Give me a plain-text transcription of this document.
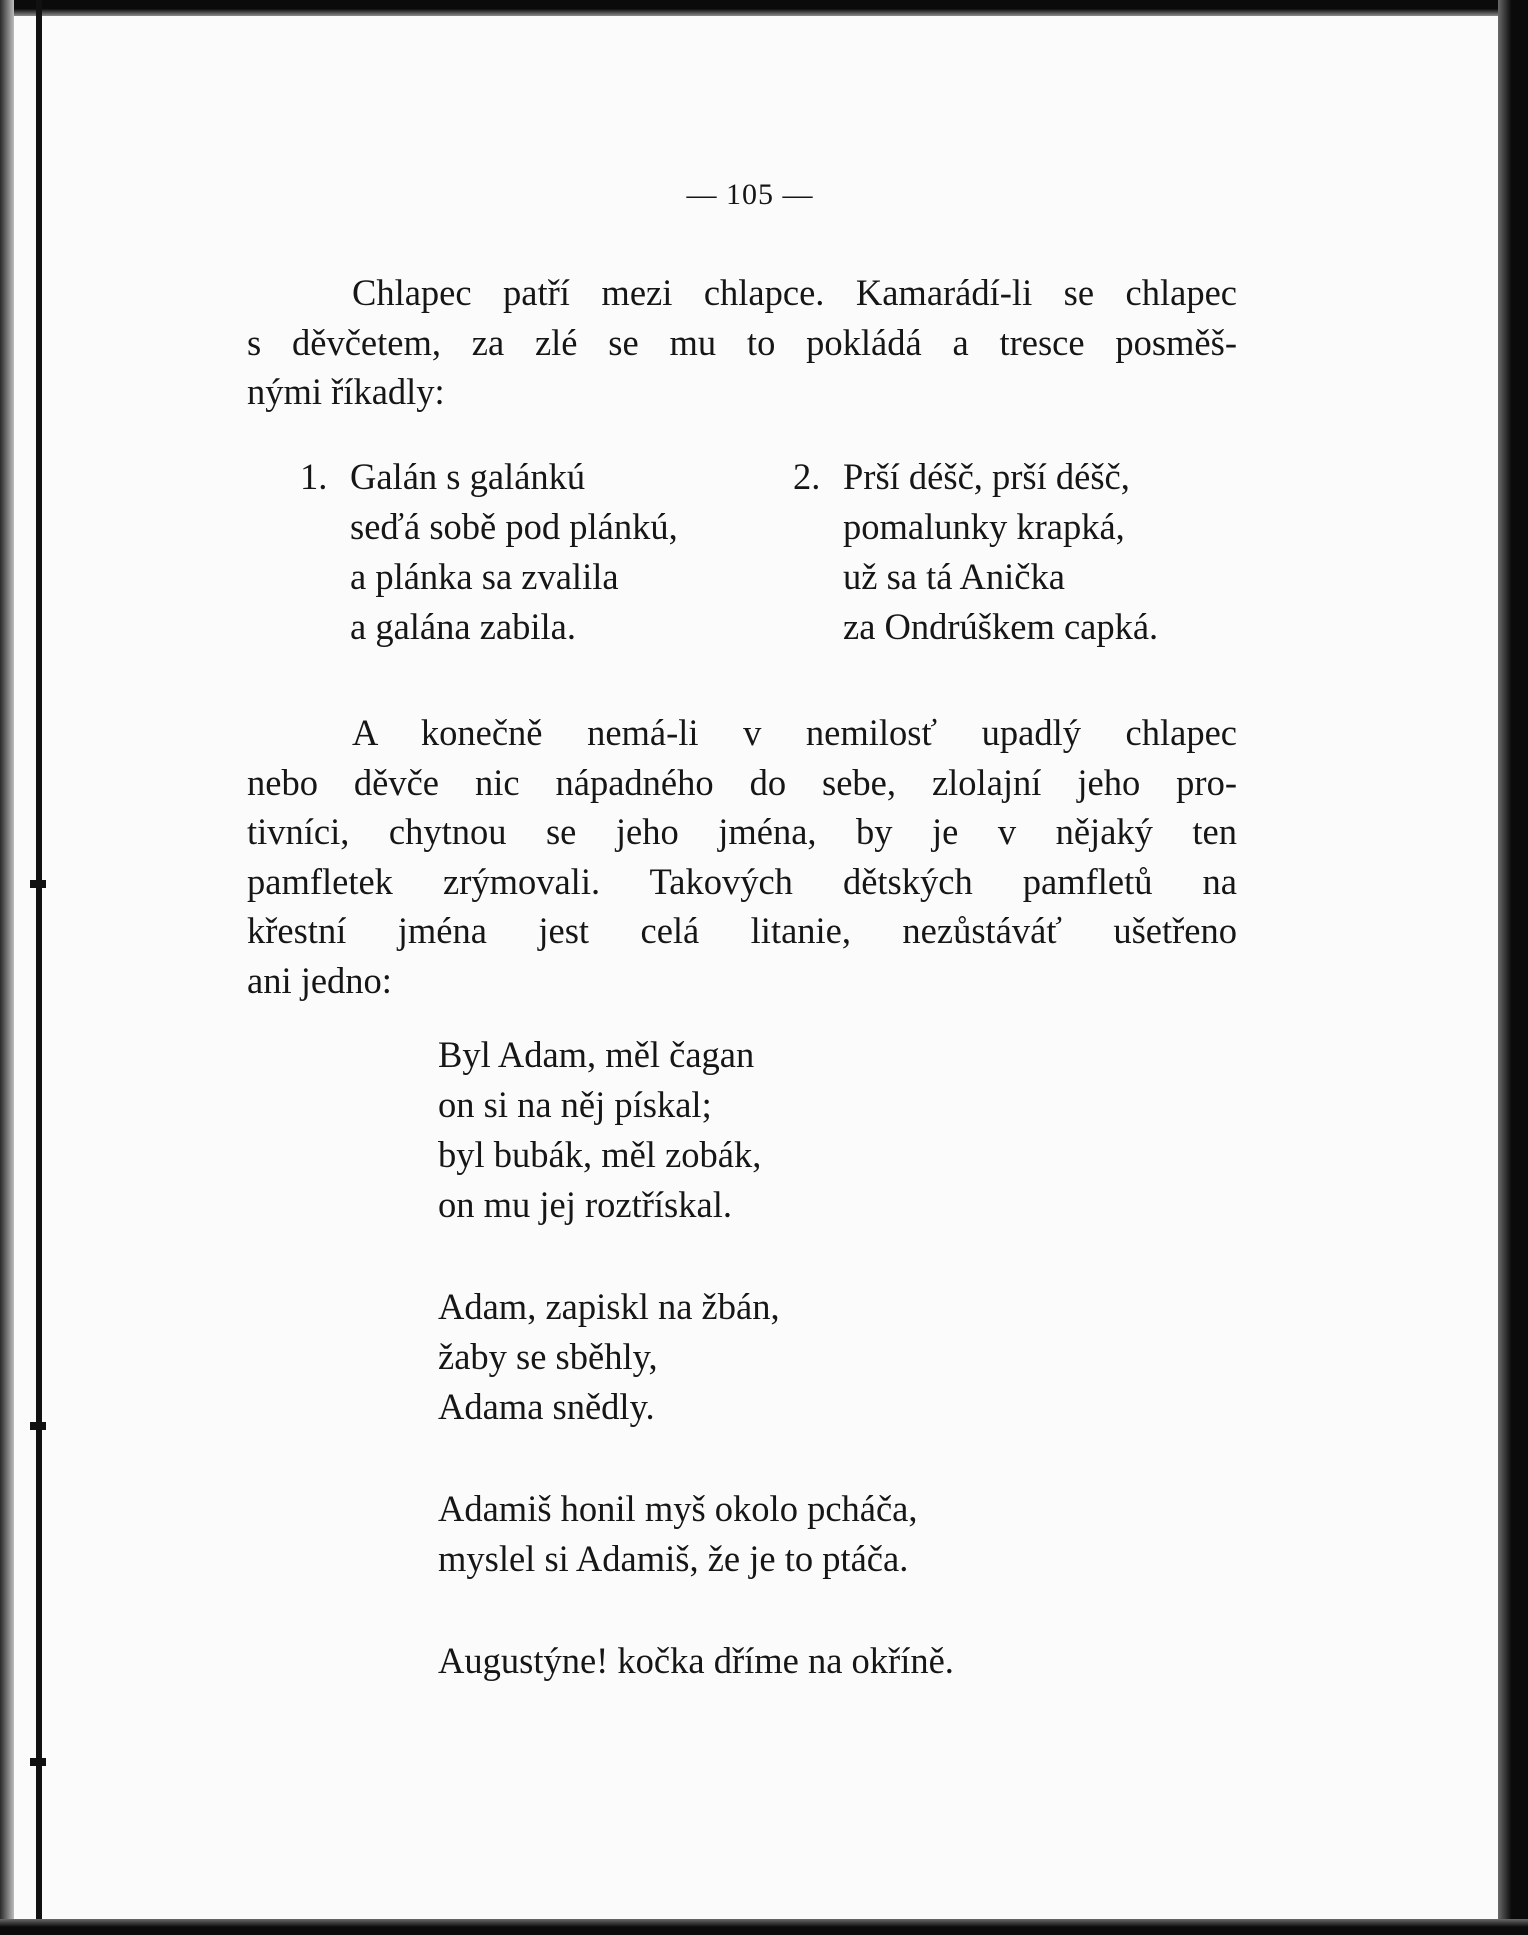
— 105 —

Chlapec patří mezi chlapce. Kamarádí-li se chlapec
s děvčetem, za zlé se mu to pokládá a tresce posměš-
nými říkadly:

1. Galán s galánkú
seďá sobě pod plánkú,
a plánka sa zvalila
a galána zabila.
2. Prší déšč, prší déšč,
pomalunky krapká,
už sa tá Anička
za Ondrúškem capká.

A konečně nemá-li v nemilosť upadlý chlapec
nebo děvče nic nápadného do sebe, zlolajní jeho pro-
tivníci, chytnou se jeho jména, by je v nějaký ten
pamfletek zrýmovali. Takových dětských pamfletů na
křestní jména jest celá litanie, nezůstáváť ušetřeno
ani jedno:

Byl Adam, měl čagan
on si na něj pískal;
byl bubák, měl zobák,
on mu jej roztřískal.
Adam, zapiskl na žbán,
žaby se sběhly,
Adama snědly.
Adamiš honil myš okolo pcháča,
myslel si Adamiš, že je to ptáča.
Augustýne! kočka dříme na okříně.
